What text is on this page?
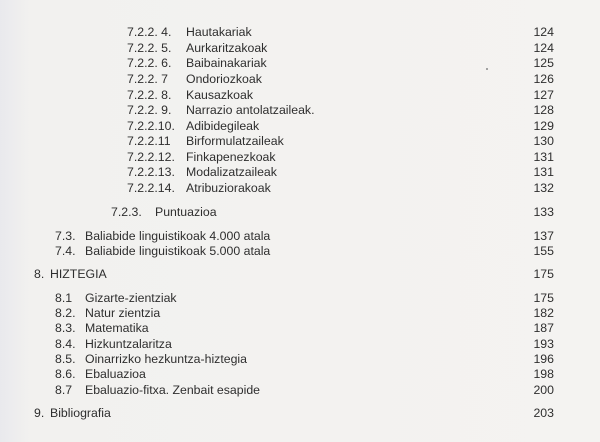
7.2.2. 4. Hautakariak	124
7.2.2. 5. Aurkaritzakoak	124
7.2.2. 6. Baibainakariak	125
7.2.2. 7 Ondoriozkoak	126
7.2.2. 8. Kausazkoak	127
7.2.2. 9. Narrazio antolatzaileak.	128
7.2.2.10. Adibidegileak	129
7.2.2.11 Birformulatzaileak	130
7.2.2.12. Finkapenezkoak	131
7.2.2.13. Modalizatzaileak	131
7.2.2.14. Atribuziorakoak	132
7.2.3. Puntuazioa	133
7.3. Baliabide linguistikoak 4.000 atala	137
7.4. Baliabide linguistikoak 5.000 atala	155
8. HIZTEGIA	175
8.1 Gizarte-zientziak	175
8.2. Natur zientzia	182
8.3. Matematika	187
8.4. Hizkuntzalaritza	193
8.5. Oinarrizko hezkuntza-hiztegia	196
8.6. Ebaluazioa	198
8.7 Ebaluazio-fitxa. Zenbait esapide	200
9. Bibliografia	203
